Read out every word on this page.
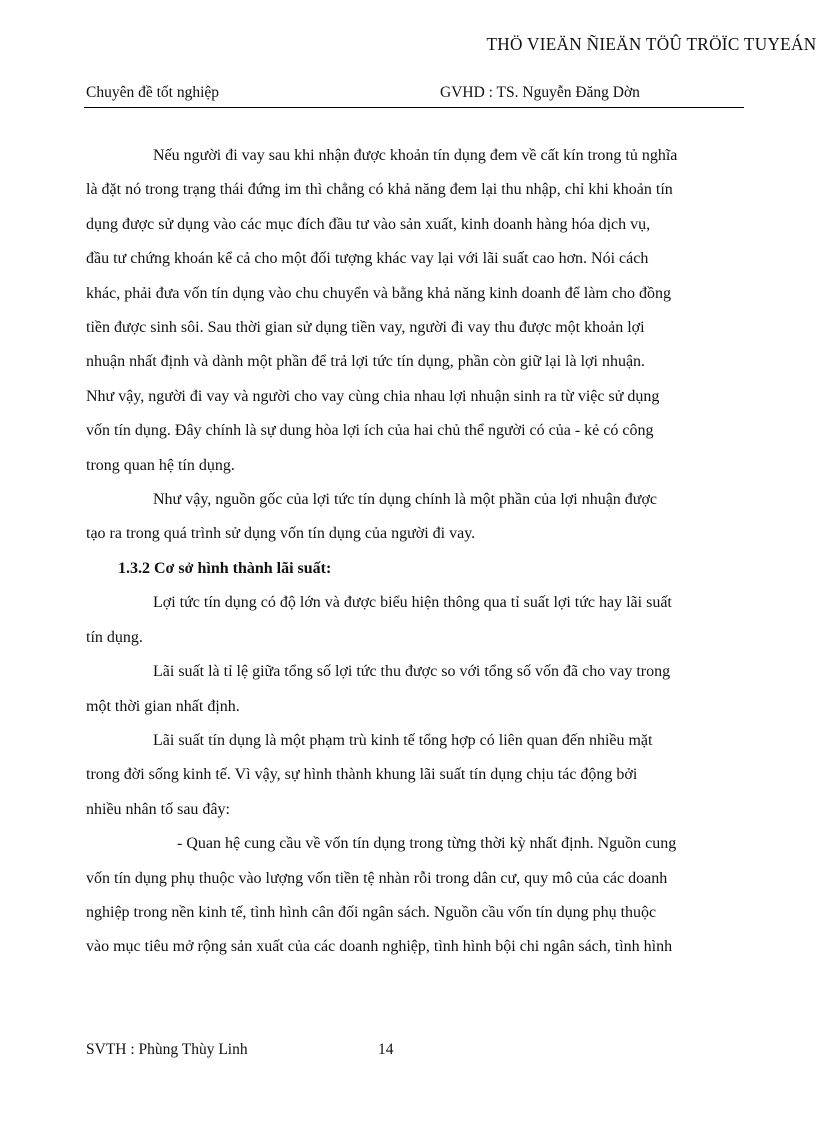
THÖ VIEÄN ÑIEÄN TÖÛ TRÖÏC TUYEÁN
Chuyên đề tốt nghiệp	GVHD : TS. Nguyễn Đăng Dờn

Nếu người đi vay sau khi nhận được khoản tín dụng đem về cất kín trong tủ nghĩa

là đặt nó trong trạng thái đứng im thì chẳng có khả năng đem lại thu nhập, chỉ khi khoản tín

dụng được sử dụng vào các mục đích đầu tư vào sản xuất, kinh doanh hàng hóa dịch vụ,

đầu tư chứng khoán kể cả cho một đối tượng khác vay lại với lãi suất cao hơn. Nói cách

khác, phải đưa vốn tín dụng vào chu chuyển và bằng khả năng kinh doanh để làm cho đồng

tiền được sinh sôi. Sau thời gian sử dụng tiền vay, người đi vay thu được một khoản lợi

nhuận nhất định và dành một phần để trả lợi tức tín dụng, phần còn giữ lại là lợi nhuận.

Như vậy, người đi vay và người cho vay cùng chia nhau lợi nhuận sinh ra từ việc sử dụng

vốn tín dụng. Đây chính là sự dung hòa lợi ích của hai chủ thể người có của - kẻ có công

trong quan hệ tín dụng.

Như vậy, nguồn gốc của lợi tức tín dụng chính là một phần của lợi nhuận được

tạo ra trong quá trình sử dụng vốn tín dụng của người đi vay.

1.3.2 Cơ sở hình thành lãi suất:

Lợi tức tín dụng có độ lớn và được biểu hiện thông qua tỉ suất lợi tức hay lãi suất

tín dụng.

Lãi suất là tỉ lệ giữa tổng số lợi tức thu được so với tổng số vốn đã cho vay trong

một thời gian nhất định.

Lãi suất tín dụng là một phạm trù kinh tế tổng hợp có liên quan đến nhiều mặt

trong đời sống kinh tế. Vì vậy, sự hình thành khung lãi suất tín dụng chịu tác động bởi

nhiều nhân tố sau đây:

- Quan hệ cung cầu về vốn tín dụng trong từng thời kỳ nhất định. Nguồn cung

vốn tín dụng phụ thuộc vào lượng vốn tiền tệ nhàn rỗi trong dân cư, quy mô của các doanh

nghiệp trong nền kinh tế, tình hình cân đối ngân sách. Nguồn cầu vốn tín dụng phụ thuộc

vào mục tiêu mở rộng sản xuất của các doanh nghiệp, tình hình bội chi ngân sách, tình hình

SVTH : Phùng Thùy Linh	14
